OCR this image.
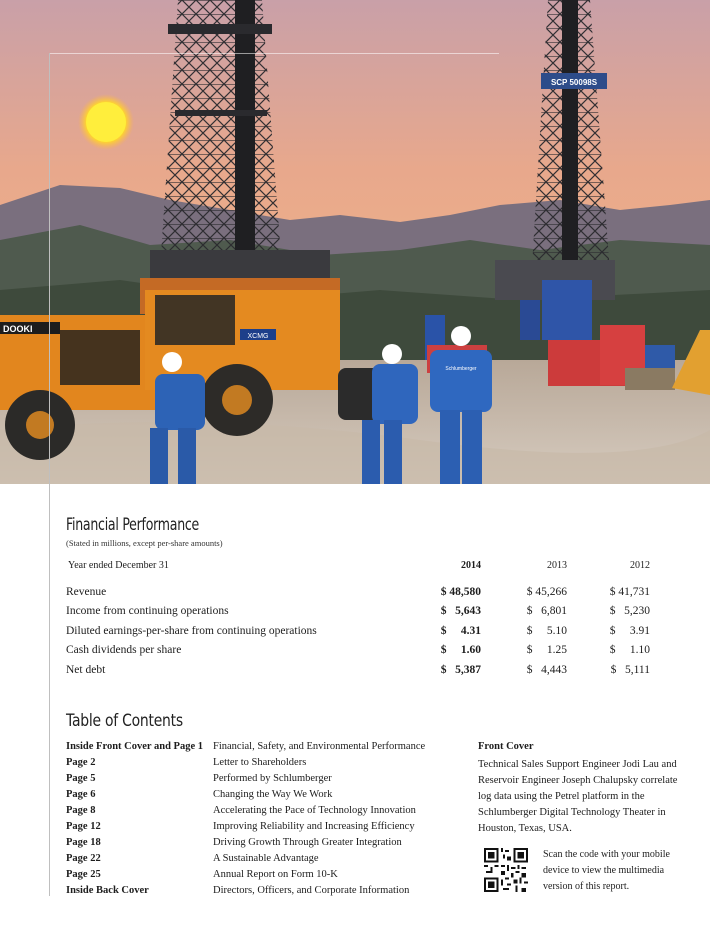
SCP 50098S
DOOKI
XCMG
Schlumberger
Financial Performance
(Stated in millions, except per-share amounts)
Year ended December 31	2014	2013	2012
Revenue	$ 48,580	$ 45,266	$ 41,731
Income from continuing operations	$   5,643	$   6,801	$   5,230
Diluted earnings-per-share from continuing operations	$     4.31	$     5.10	$     3.91
Cash dividends per share	$     1.60	$     1.25	$     1.10
Net debt	$   5,387	$   4,443	$   5,111
Table of Contents
Inside Front Cover and Page 1 Financial, Safety, and Environmental Performance
Page 2	Letter to Shareholders
Page 5	Performed by Schlumberger
Page 6	Changing the Way We Work
Page 8	Accelerating the Pace of Technology Innovation
Page 12	Improving Reliability and Increasing Efficiency
Page 18	Driving Growth Through Greater Integration
Page 22	A Sustainable Advantage
Page 25	Annual Report on Form 10-K
Inside Back Cover	Directors, Officers, and Corporate Information
Front Cover
Technical Sales Support Engineer Jodi Lau and Reservoir Engineer Joseph Chalupsky correlate log data using the Petrel platform in the Schlumberger Digital Technology Theater in Houston, Texas, USA.
Scan the code with your mobile device to view the multimedia version of this report.
